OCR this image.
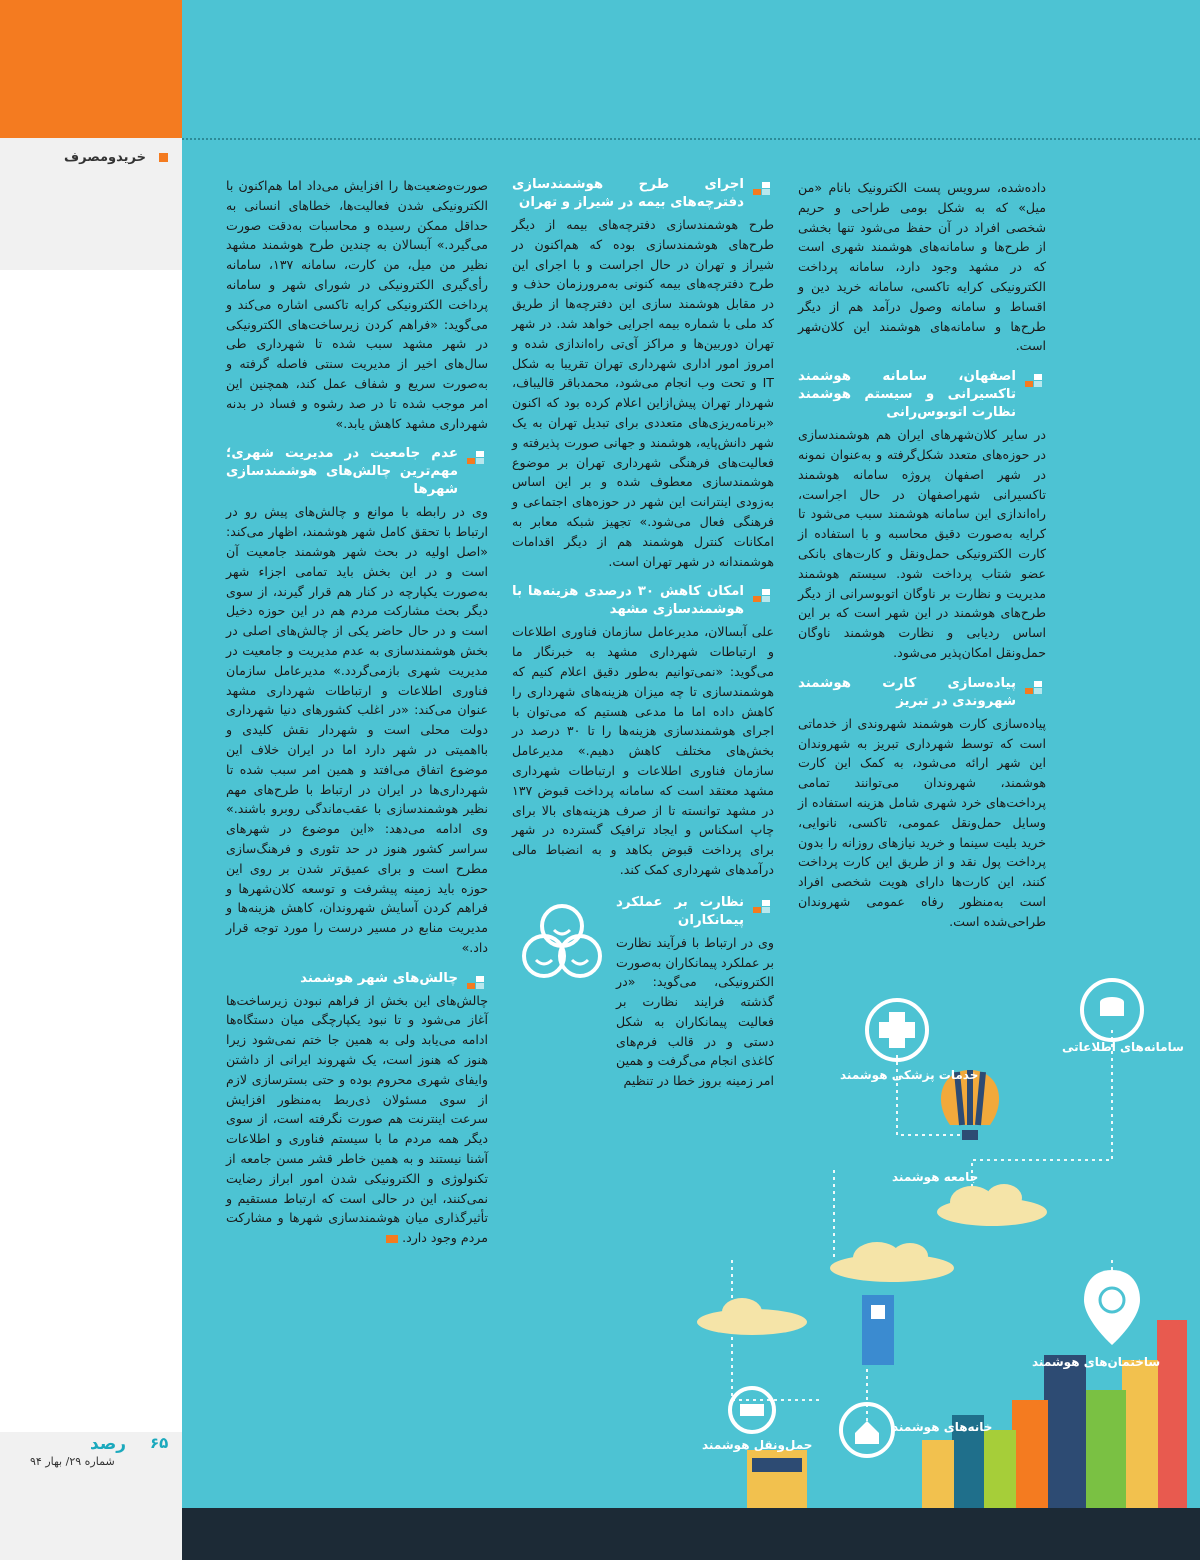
خریدومصرف
۶۵
رصد
شماره ۲۹/ بهار ۹۴

داده‌شده، سرویس پست الکترونیک بانام «من میل» که به شکل بومی طراحی و حریم شخصی افراد در آن حفظ می‌شود تنها بخشی از طرح‌ها و سامانه‌های هوشمند شهری است که در مشهد وجود دارد، سامانه پرداخت الکترونیکی کرایه تاکسی، سامانه خرید دین و اقساط و سامانه وصول درآمد هم از دیگر طرح‌ها و سامانه‌های هوشمند این کلان‌شهر است.

اصفهان، سامانه هوشمند تاکسیرانی و سیستم هوشمند نظارت اتوبوس‌رانی

در سایر کلان‌شهرهای ایران هم هوشمندسازی در حوزه‌های متعدد شکل‌گرفته و به‌عنوان نمونه در شهر اصفهان پروژه سامانه هوشمند تاکسیرانی شهراصفهان در حال اجراست، راه‌اندازی این سامانه هوشمند سبب می‌شود تا کرایه به‌صورت دقیق محاسبه و با استفاده از کارت الکترونیکی حمل‌ونقل و کارت‌های بانکی عضو شتاب پرداخت شود. سیستم هوشمند مدیریت و نظارت بر ناوگان اتوبوسرانی از دیگر طرح‌های هوشمند در این شهر است که بر این اساس ردیابی و نظارت هوشمند ناوگان حمل‌ونقل امکان‌پذیر می‌شود.

پیاده‌سازی کارت هوشمند شهروندی در تبریز

پیاده‌سازی کارت هوشمند شهروندی از خدماتی است که توسط شهرداری تبریز به شهروندان این شهر ارائه می‌شود، به کمک این کارت هوشمند، شهروندان می‌توانند تمامی پرداخت‌های خرد شهری شامل هزینه استفاده از وسایل حمل‌ونقل عمومی، تاکسی، نانوایی، خرید بلیت سینما و خرید نیازهای روزانه را بدون پرداخت پول نقد و از طریق این کارت پرداخت کنند، این کارت‌ها دارای هویت شخصی افراد است به‌منظور رفاه عمومی شهروندان طراحی‌شده است.

اجرای طرح هوشمندسازی دفترچه‌های بیمه در شیراز و تهران

طرح هوشمندسازی دفترچه‌های بیمه از دیگر طرح‌های هوشمندسازی بوده که هم‌اکنون در شیراز و تهران در حال اجراست و با اجرای این طرح دفترچه‌های بیمه کنونی به‌مرورزمان حذف و در مقابل هوشمند سازی این دفترچه‌ها از طریق کد ملی با شماره بیمه اجرایی خواهد شد. در شهر تهران دوربین‌ها و مراکز آی‌تی راه‌اندازی شده و امروز امور اداری شهرداری تهران تقریبا به شکل IT و تحت وب انجام می‌شود، محمدباقر قالیباف، شهردار تهران پیش‌ازاین اعلام کرده بود که اکنون «برنامه‌ریزی‌های متعددی برای تبدیل تهران به یک شهر دانش‌پایه، هوشمند و جهانی صورت پذیرفته و فعالیت‌های فرهنگی شهرداری تهران بر موضوع هوشمندسازی معطوف شده و بر این اساس به‌زودی اینترانت این شهر در حوزه‌های اجتماعی و فرهنگی فعال می‌شود.» تجهیز شبکه معابر به امکانات کنترل هوشمند هم از دیگر اقدامات هوشمندانه در شهر تهران است.

امکان کاهش ۳۰ درصدی هزینه‌ها با هوشمندسازی مشهد

علی آبسالان، مدیرعامل سازمان فناوری اطلاعات و ارتباطات شهرداری مشهد به خبرنگار ما می‌گوید: «نمی‌توانیم به‌طور دقیق اعلام کنیم که هوشمندسازی تا چه میزان هزینه‌های شهرداری را کاهش داده اما ما مدعی هستیم که می‌توان با اجرای هوشمندسازی هزینه‌ها را تا ۳۰ درصد در بخش‌های مختلف کاهش دهیم.» مدیرعامل سازمان فناوری اطلاعات و ارتباطات شهرداری مشهد معتقد است که سامانه پرداخت قبوض ۱۳۷ در مشهد توانسته تا از صرف هزینه‌های بالا برای چاپ اسکناس و ایجاد ترافیک گسترده در شهر برای پرداخت قبوض بکاهد و به انضباط مالی درآمدهای شهرداری کمک کند.

نظارت بر عملکرد پیمانکاران

وی در ارتباط با فرآیند نظارت بر عملکرد پیمانکاران به‌صورت الکترونیکی، می‌گوید: «در گذشته فرایند نظارت بر فعالیت پیمانکاران به شکل دستی و در قالب فرم‌های کاغذی انجام می‌گرفت و همین امر زمینه بروز خطا در تنظیم

صورت‌وضعیت‌ها را افزایش می‌داد اما هم‌اکنون با الکترونیکی شدن فعالیت‌ها، خطاهای انسانی به حداقل ممکن رسیده و محاسبات به‌دقت صورت می‌گیرد.» آبسالان به چندین طرح هوشمند مشهد نظیر من میل، من کارت، سامانه ۱۳۷، سامانه رأی‌گیری الکترونیکی در شورای شهر و سامانه پرداخت الکترونیکی کرایه تاکسی اشاره می‌کند و می‌گوید: «فراهم کردن زیرساخت‌های الکترونیکی در شهر مشهد سبب شده تا شهرداری طی سال‌های اخیر از مدیریت سنتی فاصله گرفته و به‌صورت سریع و شفاف عمل کند، همچنین این امر موجب شده تا در صد رشوه و فساد در بدنه شهرداری مشهد کاهش یابد.»

عدم جامعیت در مدیریت شهری؛ مهم‌ترین چالش‌های هوشمندسازی شهرها

وی در رابطه با موانع و چالش‌های پیش رو در ارتباط با تحقق کامل شهر هوشمند، اظهار می‌کند: «اصل اولیه در بحث شهر هوشمند جامعیت آن است و در این بخش باید تمامی اجزاء شهر به‌صورت یکپارچه در کنار هم قرار گیرند، از سوی دیگر بحث مشارکت مردم هم در این حوزه دخیل است و در حال حاضر یکی از چالش‌های اصلی در بخش هوشمندسازی به عدم مدیریت و جامعیت در مدیریت شهری بازمی‌گردد.» مدیرعامل سازمان فناوری اطلاعات و ارتباطات شهرداری مشهد عنوان می‌کند: «در اغلب کشورهای دنیا شهرداری دولت محلی است و شهردار نقش کلیدی و بااهمیتی در شهر دارد اما در ایران خلاف این موضوع اتفاق می‌افتد و همین امر سبب شده تا شهرداری‌ها در ایران در ارتباط با طرح‌های مهم نظیر هوشمندسازی با عقب‌ماندگی روبرو باشند.» وی ادامه می‌دهد: «این موضوع در شهرهای سراسر کشور هنوز در حد تئوری و فرهنگ‌سازی مطرح است و برای عمیق‌تر شدن بر روی این حوزه باید زمینه پیشرفت و توسعه کلان‌شهرها و فراهم کردن آسایش شهروندان، کاهش هزینه‌ها و مدیریت منابع در مسیر درست را مورد توجه قرار داد.»

چالش‌های شهر هوشمند

چالش‌های این بخش از فراهم نبودن زیرساخت‌ها آغاز می‌شود و تا نبود یکپارچگی میان دستگاه‌ها ادامه می‌یابد ولی به همین جا ختم نمی‌شود زیرا هنوز که هنوز است، یک شهروند ایرانی از داشتن وایفای شهری محروم بوده و حتی بسترسازی لازم از سوی مسئولان ذی‌ربط به‌منظور افزایش سرعت اینترنت هم صورت نگرفته است، از سوی دیگر همه مردم ما با سیستم فناوری و اطلاعات آشنا نیستند و به همین خاطر قشر مسن جامعه از تکنولوژی و الکترونیکی شدن امور ابراز رضایت نمی‌کنند، این در حالی است که ارتباط مستقیم و تأثیرگذاری میان هوشمندسازی شهرها و مشارکت مردم وجود دارد.

سامانه‌های اطلاعاتی
خدمات پزشکی هوشمند
جامعه هوشمند
ساختمان‌های هوشمند
خانه‌های هوشمند
حمل‌ونقل هوشمند
